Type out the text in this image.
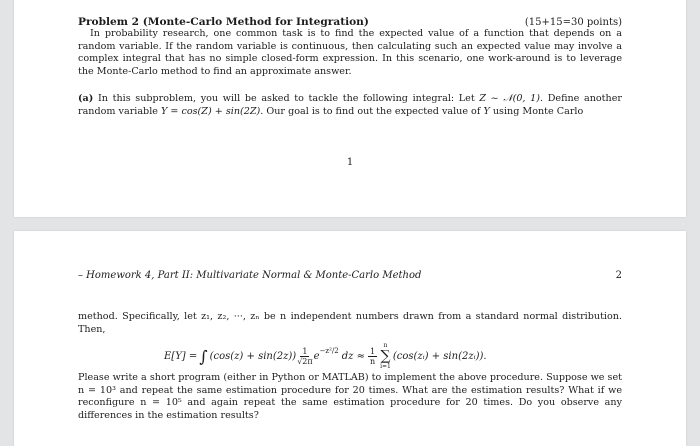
Problem 2 (Monte-Carlo Method for Integration)	(15+15=30 points)
In probability research, one common task is to find the expected value of a function that depends on a random variable. If the random variable is continuous, then calculating such an expected value may involve a complex integral that has no simple closed-form expression. In this scenario, one work-around is to leverage the Monte-Carlo method to find an approximate answer.
(a) In this subproblem, you will be asked to tackle the following integral: Let Z ~ 𝒩(0, 1). Define another random variable Y = cos(Z) + sin(2Z). Our goal is to find out the expected value of Y using Monte Carlo
1
– Homework 4, Part II: Multivariate Normal & Monte-Carlo Method	2
method. Specifically, let z₁, z₂, ···, zₙ be n independent numbers drawn from a standard normal distribution. Then,
E[Y] = ∫ $(\cos(z) + \sin(2z)) \frac{1}{√2\pi}$ e −z²/2 dz ≈ $\frac{1}{n}$
n
∑
i=1
(cos(zᵢ) + sin(2zᵢ)).
Please write a short program (either in Python or MATLAB) to implement the above procedure. Suppose we set n = 10³ and repeat the same estimation procedure for 20 times. What are the estimation results? What if we reconfigure n = 10⁵ and again repeat the same estimation procedure for 20 times. Do you observe any differences in the estimation results?
